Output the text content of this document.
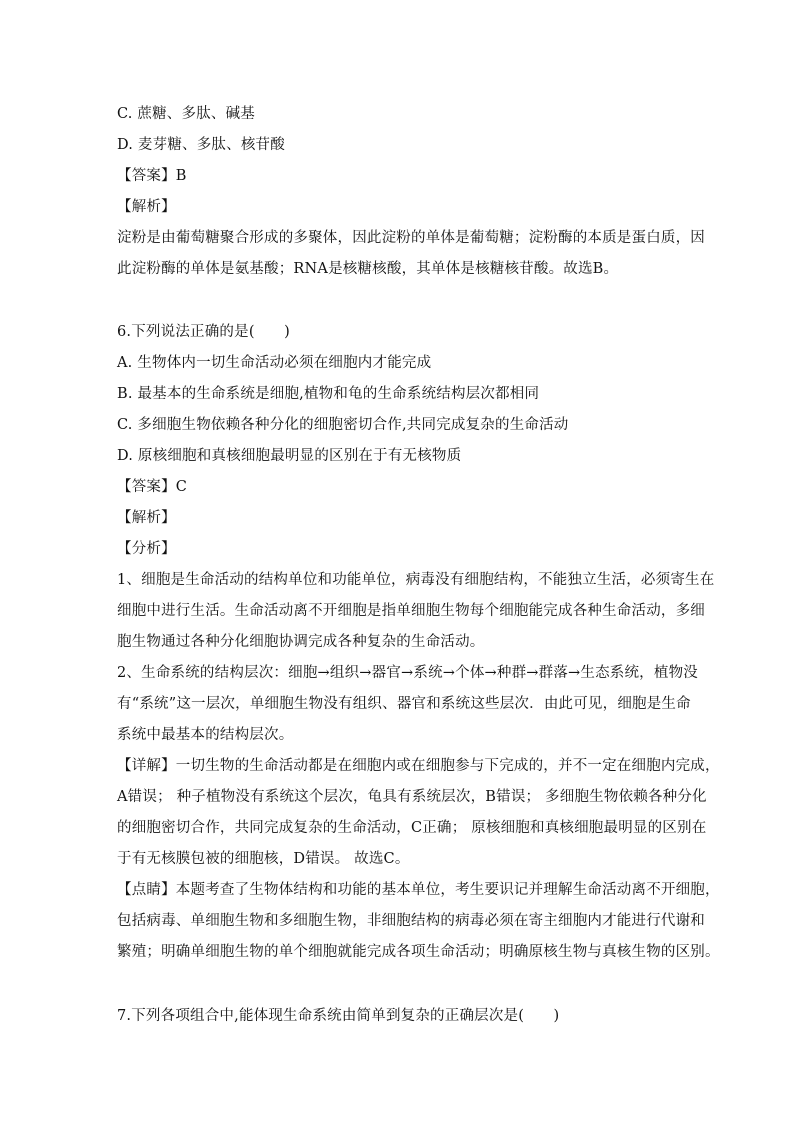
C. 蔗糖、多肽、碱基
D. 麦芽糖、多肽、核苷酸
【答案】B
【解析】
淀粉是由葡萄糖聚合形成的多聚体，因此淀粉的单体是葡萄糖；淀粉酶的本质是蛋白质，因
此淀粉酶的单体是氨基酸；RNA是核糖核酸，其单体是核糖核苷酸。故选B。
6.下列说法正确的是(　　)
A. 生物体内一切生命活动必须在细胞内才能完成
B. 最基本的生命系统是细胞,植物和龟的生命系统结构层次都相同
C. 多细胞生物依赖各种分化的细胞密切合作,共同完成复杂的生命活动
D. 原核细胞和真核细胞最明显的区别在于有无核物质
【答案】C
【解析】
【分析】
1、细胞是生命活动的结构单位和功能单位，病毒没有细胞结构，不能独立生活，必须寄生在
细胞中进行生活。生命活动离不开细胞是指单细胞生物每个细胞能完成各种生命活动，多细
胞生物通过各种分化细胞协调完成各种复杂的生命活动。
2、生命系统的结构层次：细胞→组织→器官→系统→个体→种群→群落→生态系统，植物没
有“系统”这一层次，单细胞生物没有组织、器官和系统这些层次．由此可见，细胞是生命
系统中最基本的结构层次。
【详解】一切生物的生命活动都是在细胞内或在细胞参与下完成的，并不一定在细胞内完成，
A错误； 种子植物没有系统这个层次，龟具有系统层次，B错误； 多细胞生物依赖各种分化
的细胞密切合作，共同完成复杂的生命活动，C正确； 原核细胞和真核细胞最明显的区别在
于有无核膜包被的细胞核，D错误。 故选C。
【点睛】本题考查了生物体结构和功能的基本单位，考生要识记并理解生命活动离不开细胞，
包括病毒、单细胞生物和多细胞生物，非细胞结构的病毒必须在寄主细胞内才能进行代谢和
繁殖；明确单细胞生物的单个细胞就能完成各项生命活动；明确原核生物与真核生物的区别。
7.下列各项组合中,能体现生命系统由简单到复杂的正确层次是(　　)
